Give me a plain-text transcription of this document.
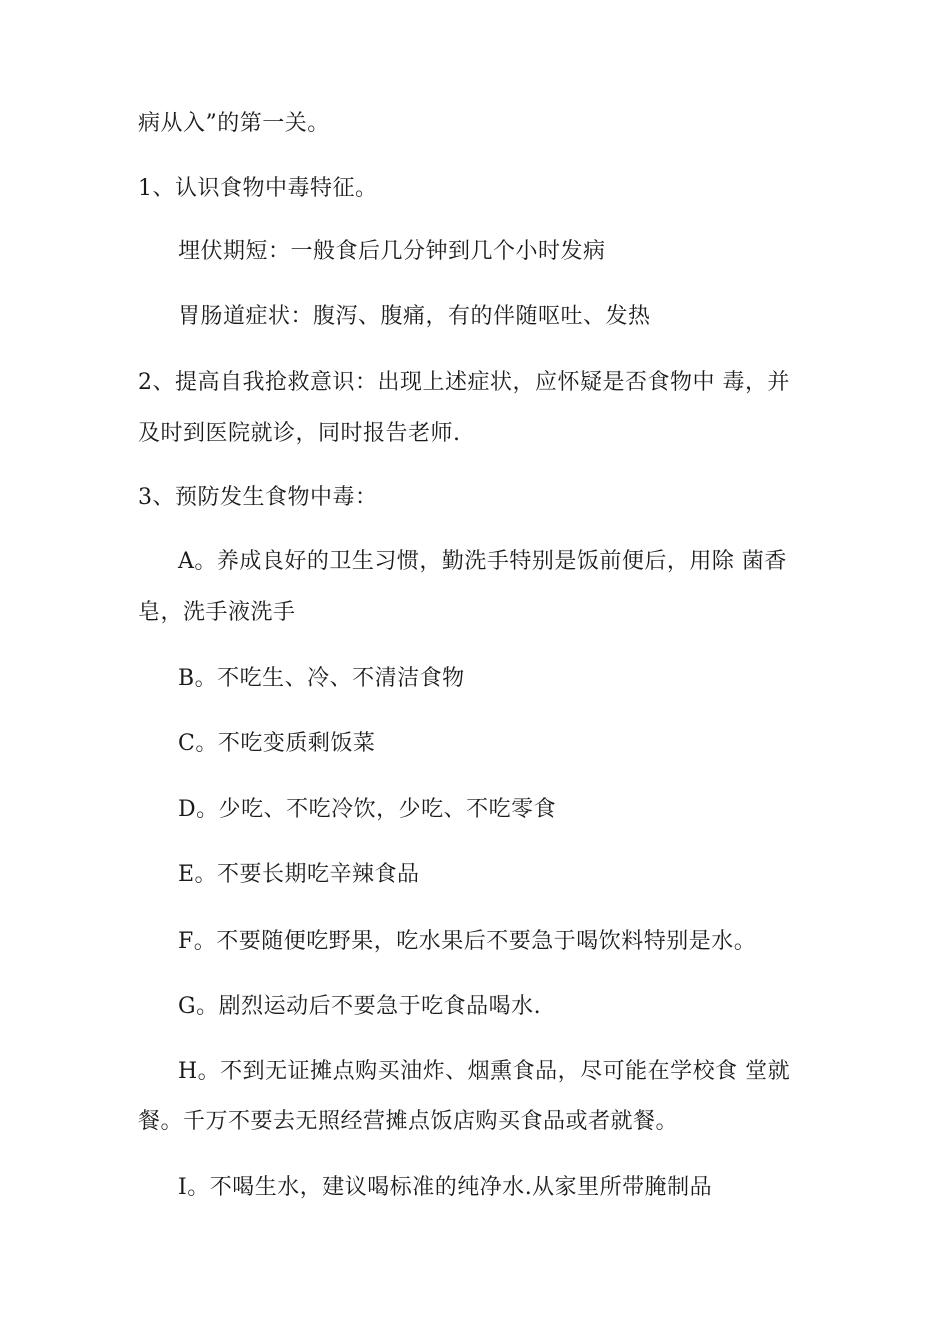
病从入”的第一关。
1、认识食物中毒特征。
埋伏期短：一般食后几分钟到几个小时发病
胃肠道症状：腹泻、腹痛，有的伴随呕吐、发热
2、提高自我抢救意识：出现上述症状，应怀疑是否食物中 毒，并
及时到医院就诊，同时报告老师.
3、预防发生食物中毒：
A。养成良好的卫生习惯，勤洗手特别是饭前便后，用除 菌香
皂，洗手液洗手
B。不吃生、冷、不清洁食物
C。不吃变质剩饭菜
D。少吃、不吃冷饮，少吃、不吃零食
E。不要长期吃辛辣食品
F。不要随便吃野果，吃水果后不要急于喝饮料特别是水。
G。剧烈运动后不要急于吃食品喝水.
H。不到无证摊点购买油炸、烟熏食品，尽可能在学校食 堂就
餐。千万不要去无照经营摊点饭店购买食品或者就餐。
I。不喝生水，建议喝标准的纯净水.从家里所带腌制品
